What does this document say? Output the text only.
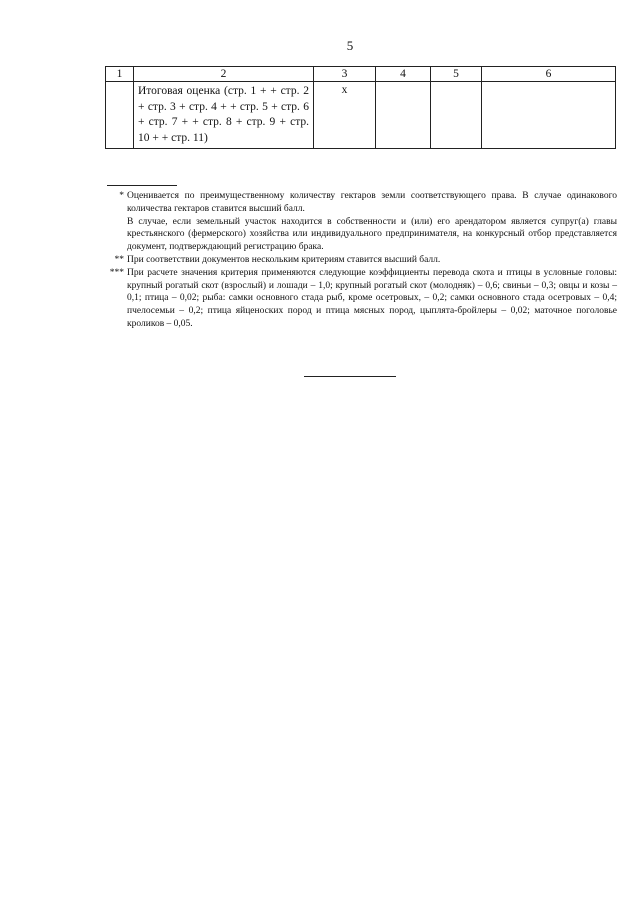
5
1	2	3	4	5	6
	Итоговая оценка (стр. 1 + + стр. 2 + стр. 3 + стр. 4 + + стр. 5 + стр. 6 + стр. 7 + + стр. 8 + стр. 9 + стр. 10 + + стр. 11)	x			
* Оценивается по преимущественному количеству гектаров земли соответствующего права. В случае одинакового количества гектаров ставится высший балл.
В случае, если земельный участок находится в собственности и (или) его арендатором является супруг(а) главы крестьянского (фермерского) хозяйства или индивидуального предпринимателя, на конкурсный отбор представляется документ, подтверждающий регистрацию брака.
** При соответствии документов нескольким критериям ставится высший балл.
*** При расчете значения критерия применяются следующие коэффициенты перевода скота и птицы в условные головы: крупный рогатый скот (взрослый) и лошади – 1,0; крупный рогатый скот (молодняк) – 0,6; свиньи – 0,3; овцы и козы – 0,1; птица – 0,02; рыба: самки основного стада рыб, кроме осетровых, – 0,2; самки основного стада осетровых – 0,4; пчелосемьи – 0,2; птица яйценоских пород и птица мясных пород, цыплята-бройлеры – 0,02; маточное поголовье кроликов – 0,05.
